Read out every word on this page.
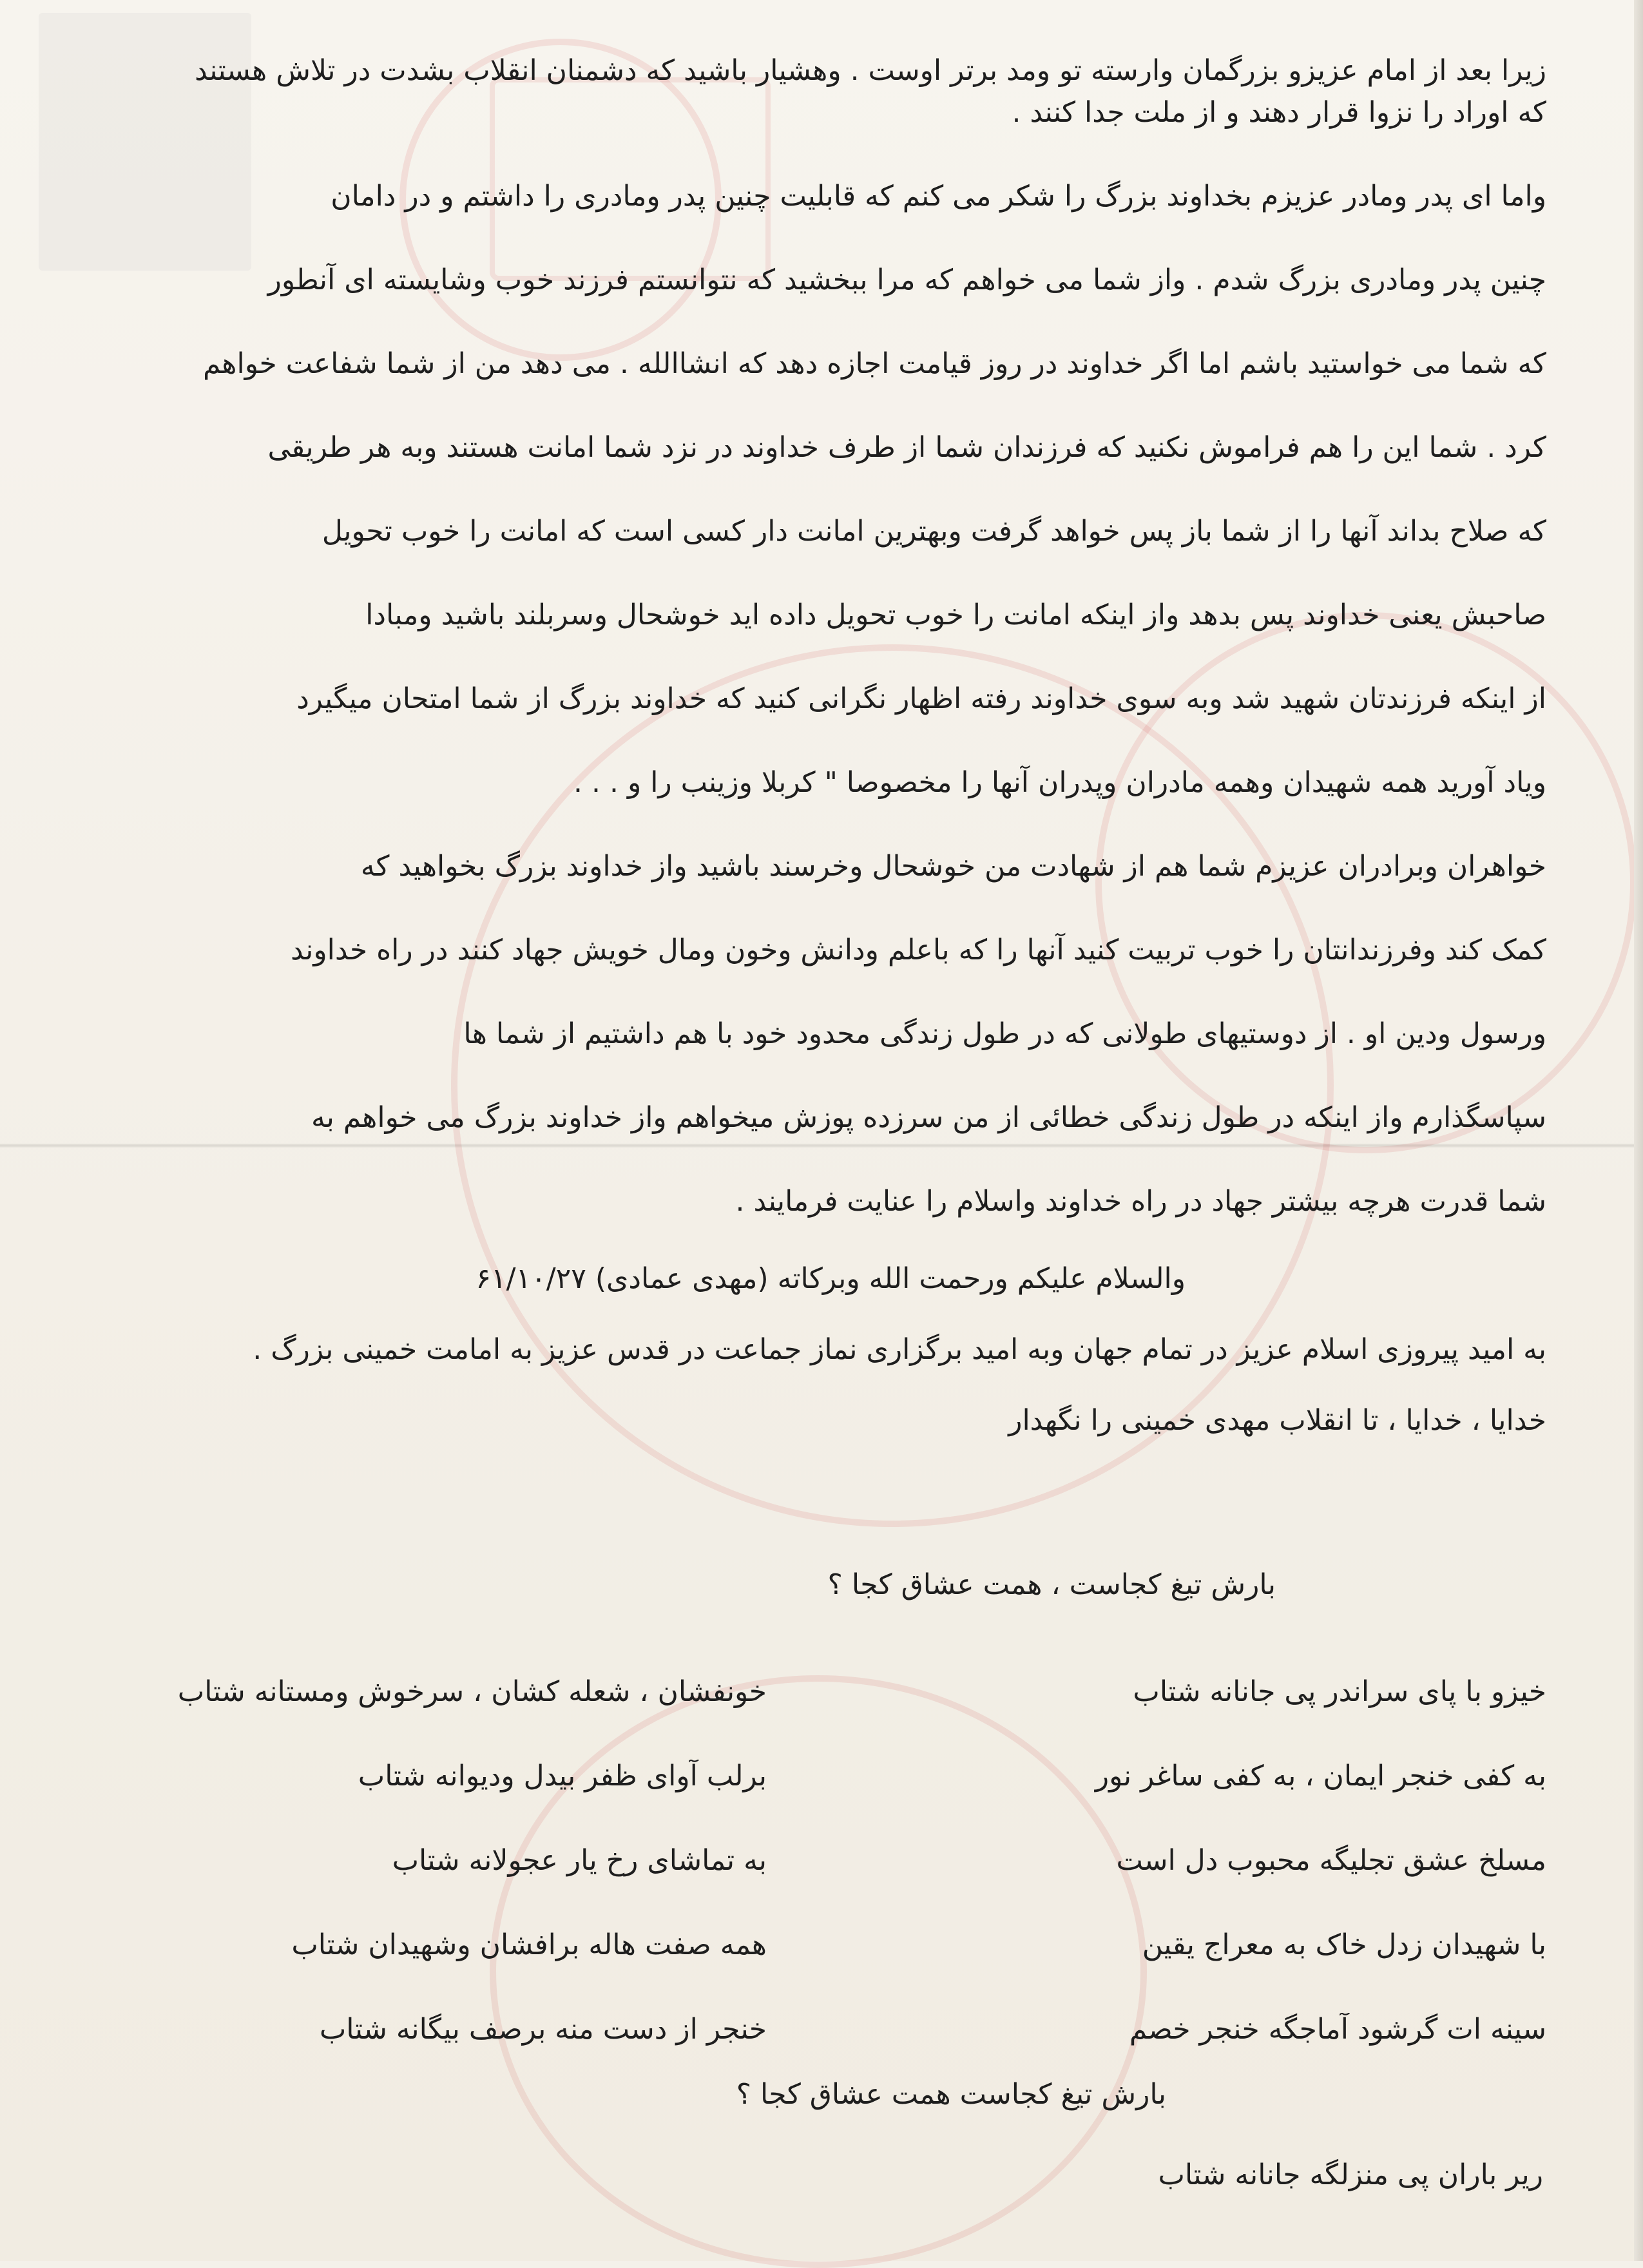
زیرا بعد از امام عزیزو بزرگمان وارسته تو ومد برتر اوست . وهشیار باشید که دشمنان انقلاب بشدت در تلاش هستند

که اوراد را نزوا قرار دهند و از ملت جدا کنند .

واما ای پدر ومادر عزیزم بخداوند بزرگ را شکر می کنم که قابلیت چنین پدر ومادری را داشتم و در دامان

چنین پدر ومادری بزرگ شدم . واز شما می خواهم که مرا ببخشید که نتوانستم فرزند خوب وشایسته ای آنطور

که شما می خواستید باشم اما اگر خداوند در روز قیامت اجازه دهد که انشاالله . می دهد من از شما شفاعت خواهم

کرد . شما این را هم فراموش نکنید که فرزندان شما از طرف خداوند در نزد شما امانت هستند وبه هر طریقی

که صلاح بداند آنها را از شما باز پس خواهد گرفت وبهترین امانت دار کسی است که امانت را خوب تحویل

صاحبش یعنی خداوند پس بدهد واز اینکه امانت را خوب تحویل داده اید خوشحال وسربلند باشید ومبادا

از اینکه فرزندتان شهید شد وبه سوی خداوند رفته اظهار نگرانی کنید که خداوند بزرگ از شما امتحان میگیرد

ویاد آورید همه شهیدان وهمه مادران وپدران آنها را مخصوصا " کربلا وزینب را و . . .

خواهران وبرادران عزیزم شما هم از شهادت من خوشحال وخرسند باشید واز خداوند بزرگ بخواهید که

کمک کند وفرزندانتان را خوب تربیت کنید آنها را که باعلم ودانش وخون ومال خویش جهاد کنند در راه خداوند

ورسول ودین او . از دوستیهای طولانی که در طول زندگی محدود خود با هم داشتیم از شما ها

سپاسگذارم واز اینکه در طول زندگی خطائی از من سرزده پوزش میخواهم واز خداوند بزرگ می خواهم به

شما قدرت هرچه بیشتر جهاد در راه خداوند واسلام را عنایت فرمایند .

والسلام علیکم ورحمت الله وبرکاته (مهدی عمادی) ۶۱/۱۰/۲۷

به امید پیروزی اسلام عزیز در تمام جهان وبه امید برگزاری نماز جماعت در قدس عزیز به امامت خمینی بزرگ .

خدایا ، خدایا ، تا انقلاب مهدی خمینی را نگهدار

بارش تیغ کجاست ، همت عشاق کجا ؟

خیزو با پای سراندر پی جانانه شتاب
خونفشان ، شعله کشان ، سرخوش ومستانه شتاب
به کفی خنجر ایمان ، به کفی ساغر نور
برلب آوای ظفر بیدل ودیوانه شتاب
مسلخ عشق تجلیگه محبوب دل است
به تماشای رخ یار عجولانه شتاب
با شهیدان زدل خاک به معراج یقین
همه صفت هاله برافشان وشهیدان شتاب
سینه ات گرشود آماجگه خنجر خصم
خنجر از دست منه برصف بیگانه شتاب
بارش تیغ کجاست همت عشاق کجا ؟
ریر باران پی منزلگه جانانه شتاب
